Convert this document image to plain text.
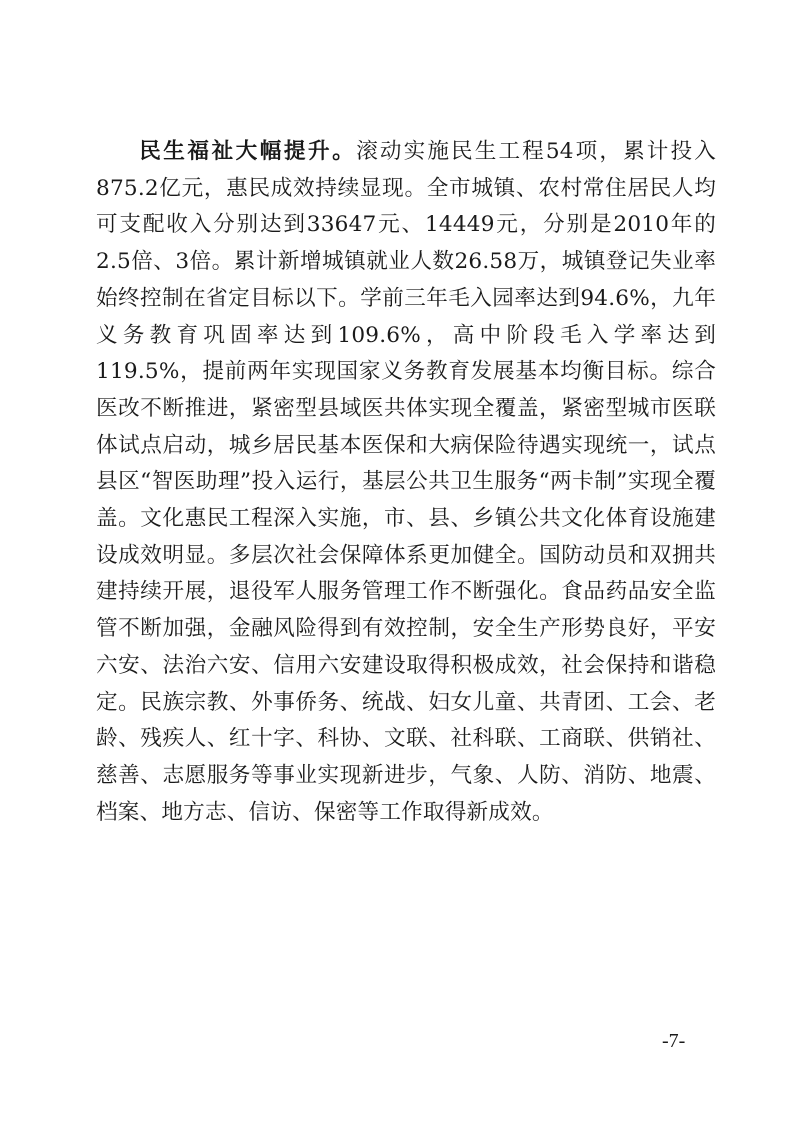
民生福祉大幅提升。滚动实施民生工程54项，累计投入875.2亿元，惠民成效持续显现。全市城镇、农村常住居民人均可支配收入分别达到33647元、14449元，分别是2010年的2.5倍、3倍。累计新增城镇就业人数26.58万，城镇登记失业率始终控制在省定目标以下。学前三年毛入园率达到94.6%，九年义务教育巩固率达到109.6%，高中阶段毛入学率达到119.5%，提前两年实现国家义务教育发展基本均衡目标。综合医改不断推进，紧密型县域医共体实现全覆盖，紧密型城市医联体试点启动，城乡居民基本医保和大病保险待遇实现统一，试点县区“智医助理”投入运行，基层公共卫生服务“两卡制”实现全覆盖。文化惠民工程深入实施，市、县、乡镇公共文化体育设施建设成效明显。多层次社会保障体系更加健全。国防动员和双拥共建持续开展，退役军人服务管理工作不断强化。食品药品安全监管不断加强，金融风险得到有效控制，安全生产形势良好，平安六安、法治六安、信用六安建设取得积极成效，社会保持和谐稳定。民族宗教、外事侨务、统战、妇女儿童、共青团、工会、老龄、残疾人、红十字、科协、文联、社科联、工商联、供销社、慈善、志愿服务等事业实现新进步，气象、人防、消防、地震、档案、地方志、信访、保密等工作取得新成效。

-7-
